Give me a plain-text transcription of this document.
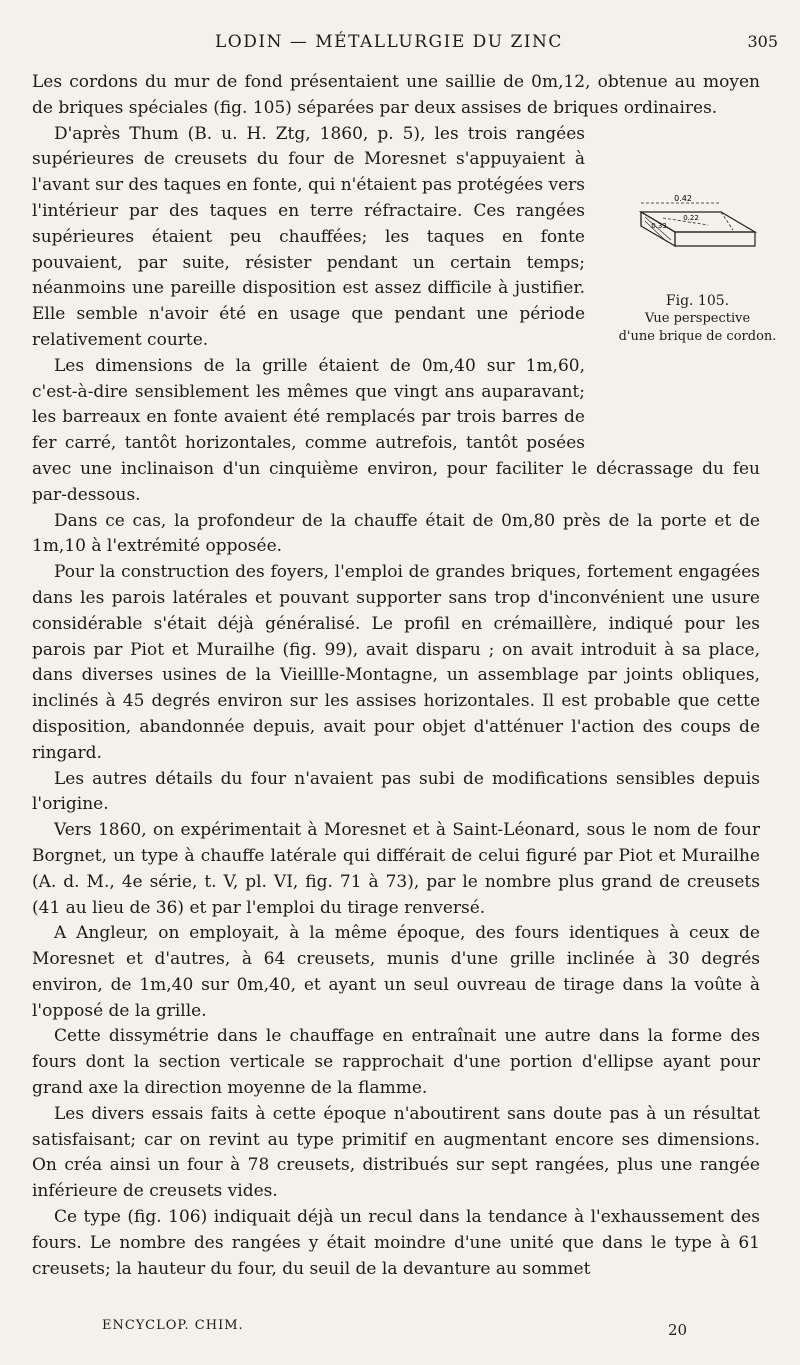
LODIN — MÉTALLURGIE DU ZINC	305

Les cordons du mur de fond présentaient une saillie de 0m,12, obtenue au moyen de briques spéciales (fig. 105) séparées par deux assises de briques ordinaires.

0.42
0.22
0.33
Fig. 105.
Vue perspective
d'une brique de cordon.

D'après Thum (B. u. H. Ztg, 1860, p. 5), les trois rangées supérieures de creusets du four de Moresnet s'appuyaient à l'avant sur des taques en fonte, qui n'étaient pas protégées vers l'intérieur par des taques en terre réfractaire. Ces rangées supérieures étaient peu chauffées; les taques en fonte pouvaient, par suite, résister pendant un certain temps; néanmoins une pareille disposition est assez difficile à justifier. Elle semble n'avoir été en usage que pendant une période relativement courte.

Les dimensions de la grille étaient de 0m,40 sur 1m,60, c'est-à-dire sensiblement les mêmes que vingt ans auparavant; les barreaux en fonte avaient été remplacés par trois barres de fer carré, tantôt horizontales, comme autrefois, tantôt posées avec une inclinaison d'un cinquième environ, pour faciliter le décrassage du feu par-dessous.

Dans ce cas, la profondeur de la chauffe était de 0m,80 près de la porte et de 1m,10 à l'extrémité opposée.

Pour la construction des foyers, l'emploi de grandes briques, fortement engagées dans les parois latérales et pouvant supporter sans trop d'inconvénient une usure considérable s'était déjà généralisé. Le profil en crémaillère, indiqué pour les parois par Piot et Murailhe (fig. 99), avait disparu ; on avait introduit à sa place, dans diverses usines de la Vieillle-Montagne, un assemblage par joints obliques, inclinés à 45 degrés environ sur les assises horizontales. Il est probable que cette disposition, abandonnée depuis, avait pour objet d'atténuer l'action des coups de ringard.

Les autres détails du four n'avaient pas subi de modifications sensibles depuis l'origine.

Vers 1860, on expérimentait à Moresnet et à Saint-Léonard, sous le nom de four Borgnet, un type à chauffe latérale qui différait de celui figuré par Piot et Murailhe (A. d. M., 4e série, t. V, pl. VI, fig. 71 à 73), par le nombre plus grand de creusets (41 au lieu de 36) et par l'emploi du tirage renversé.

A Angleur, on employait, à la même époque, des fours identiques à ceux de Moresnet et d'autres, à 64 creusets, munis d'une grille inclinée à 30 degrés environ, de 1m,40 sur 0m,40, et ayant un seul ouvreau de tirage dans la voûte à l'opposé de la grille.

Cette dissymétrie dans le chauffage en entraînait une autre dans la forme des fours dont la section verticale se rapprochait d'une portion d'ellipse ayant pour grand axe la direction moyenne de la flamme.

Les divers essais faits à cette époque n'aboutirent sans doute pas à un résultat satisfaisant; car on revint au type primitif en augmentant encore ses dimensions. On créa ainsi un four à 78 creusets, distribués sur sept rangées, plus une rangée inférieure de creusets vides.

Ce type (fig. 106) indiquait déjà un recul dans la tendance à l'exhaussement des fours. Le nombre des rangées y était moindre d'une unité que dans le type à 61 creusets; la hauteur du four, du seuil de la devanture au sommet

ENCYCLOP. CHIM.	20
